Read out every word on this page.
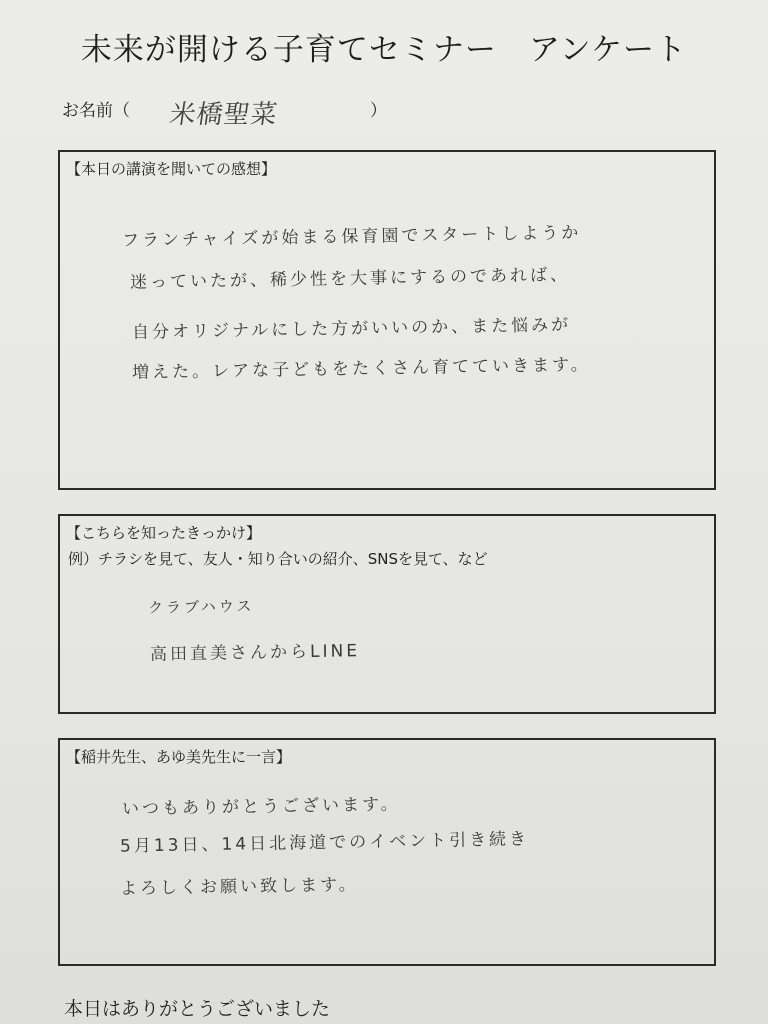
未来が開ける子育てセミナー　アンケート
お名前（	）
米橋聖菜
【本日の講演を聞いての感想】
フランチャイズが始まる保育園でスタートしようか
迷っていたが、稀少性を大事にするのであれば、
自分オリジナルにした方がいいのか、また悩みが
増えた。レアな子どもをたくさん育てていきます。
【こちらを知ったきっかけ】
例）チラシを見て、友人・知り合いの紹介、SNSを見て、など
クラブハウス
高田直美さんからLINE
【稲井先生、あゆ美先生に一言】
いつもありがとうございます。
5月13日、14日北海道でのイベント引き続き
よろしくお願い致します。
本日はありがとうございました
